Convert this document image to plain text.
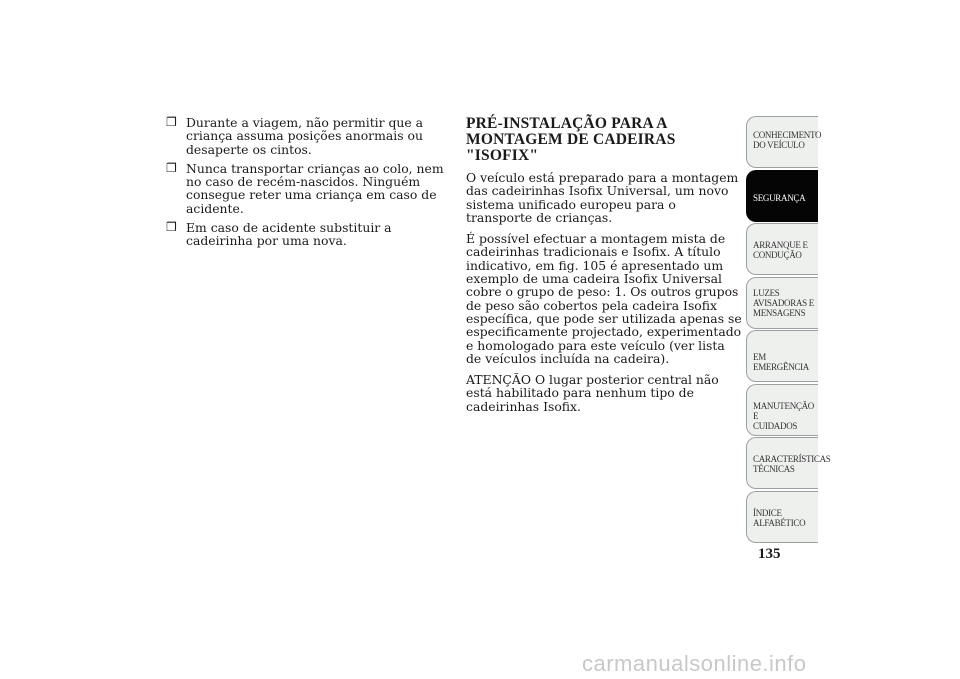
❒ Durante a viagem, não permitir que a criança assuma posições anormais ou desaperte os cintos.
❒ Nunca transportar crianças ao colo, nem no caso de recém-nascidos. Ninguém consegue reter uma criança em caso de acidente.
❒ Em caso de acidente substituir a cadeirinha por uma nova.
PRÉ-INSTALAÇÃO PARA A
MONTAGEM DE CADEIRAS "ISOFIX"

O veículo está preparado para a montagem das cadeirinhas Isofix Universal, um novo sistema unificado europeu para o transporte de crianças.

É possível efectuar a montagem mista de cadeirinhas tradicionais e Isofix. A título indicativo, em fig. 105 é apresentado um exemplo de uma cadeira Isofix Universal cobre o grupo de peso: 1. Os outros grupos de peso são cobertos pela cadeira Isofix específica, que pode ser utilizada apenas se especificamente projectado, experimentado e homologado para este veículo (ver lista de veículos incluída na cadeira).

ATENÇÃO O lugar posterior central não está habilitado para nenhum tipo de cadeirinhas Isofix.

CONHECIMENTO
DO VEÍCULO
SEGURANÇA
ARRANQUE E
CONDUÇÃO
LUZES
AVISADORAS E
MENSAGENS
EM EMERGÊNCIA
MANUTENÇÃO E
CUIDADOS
CARACTERÍSTICAS
TÉCNICAS
ÍNDICE
ALFABÉTICO
135
carmanualsonline.info
